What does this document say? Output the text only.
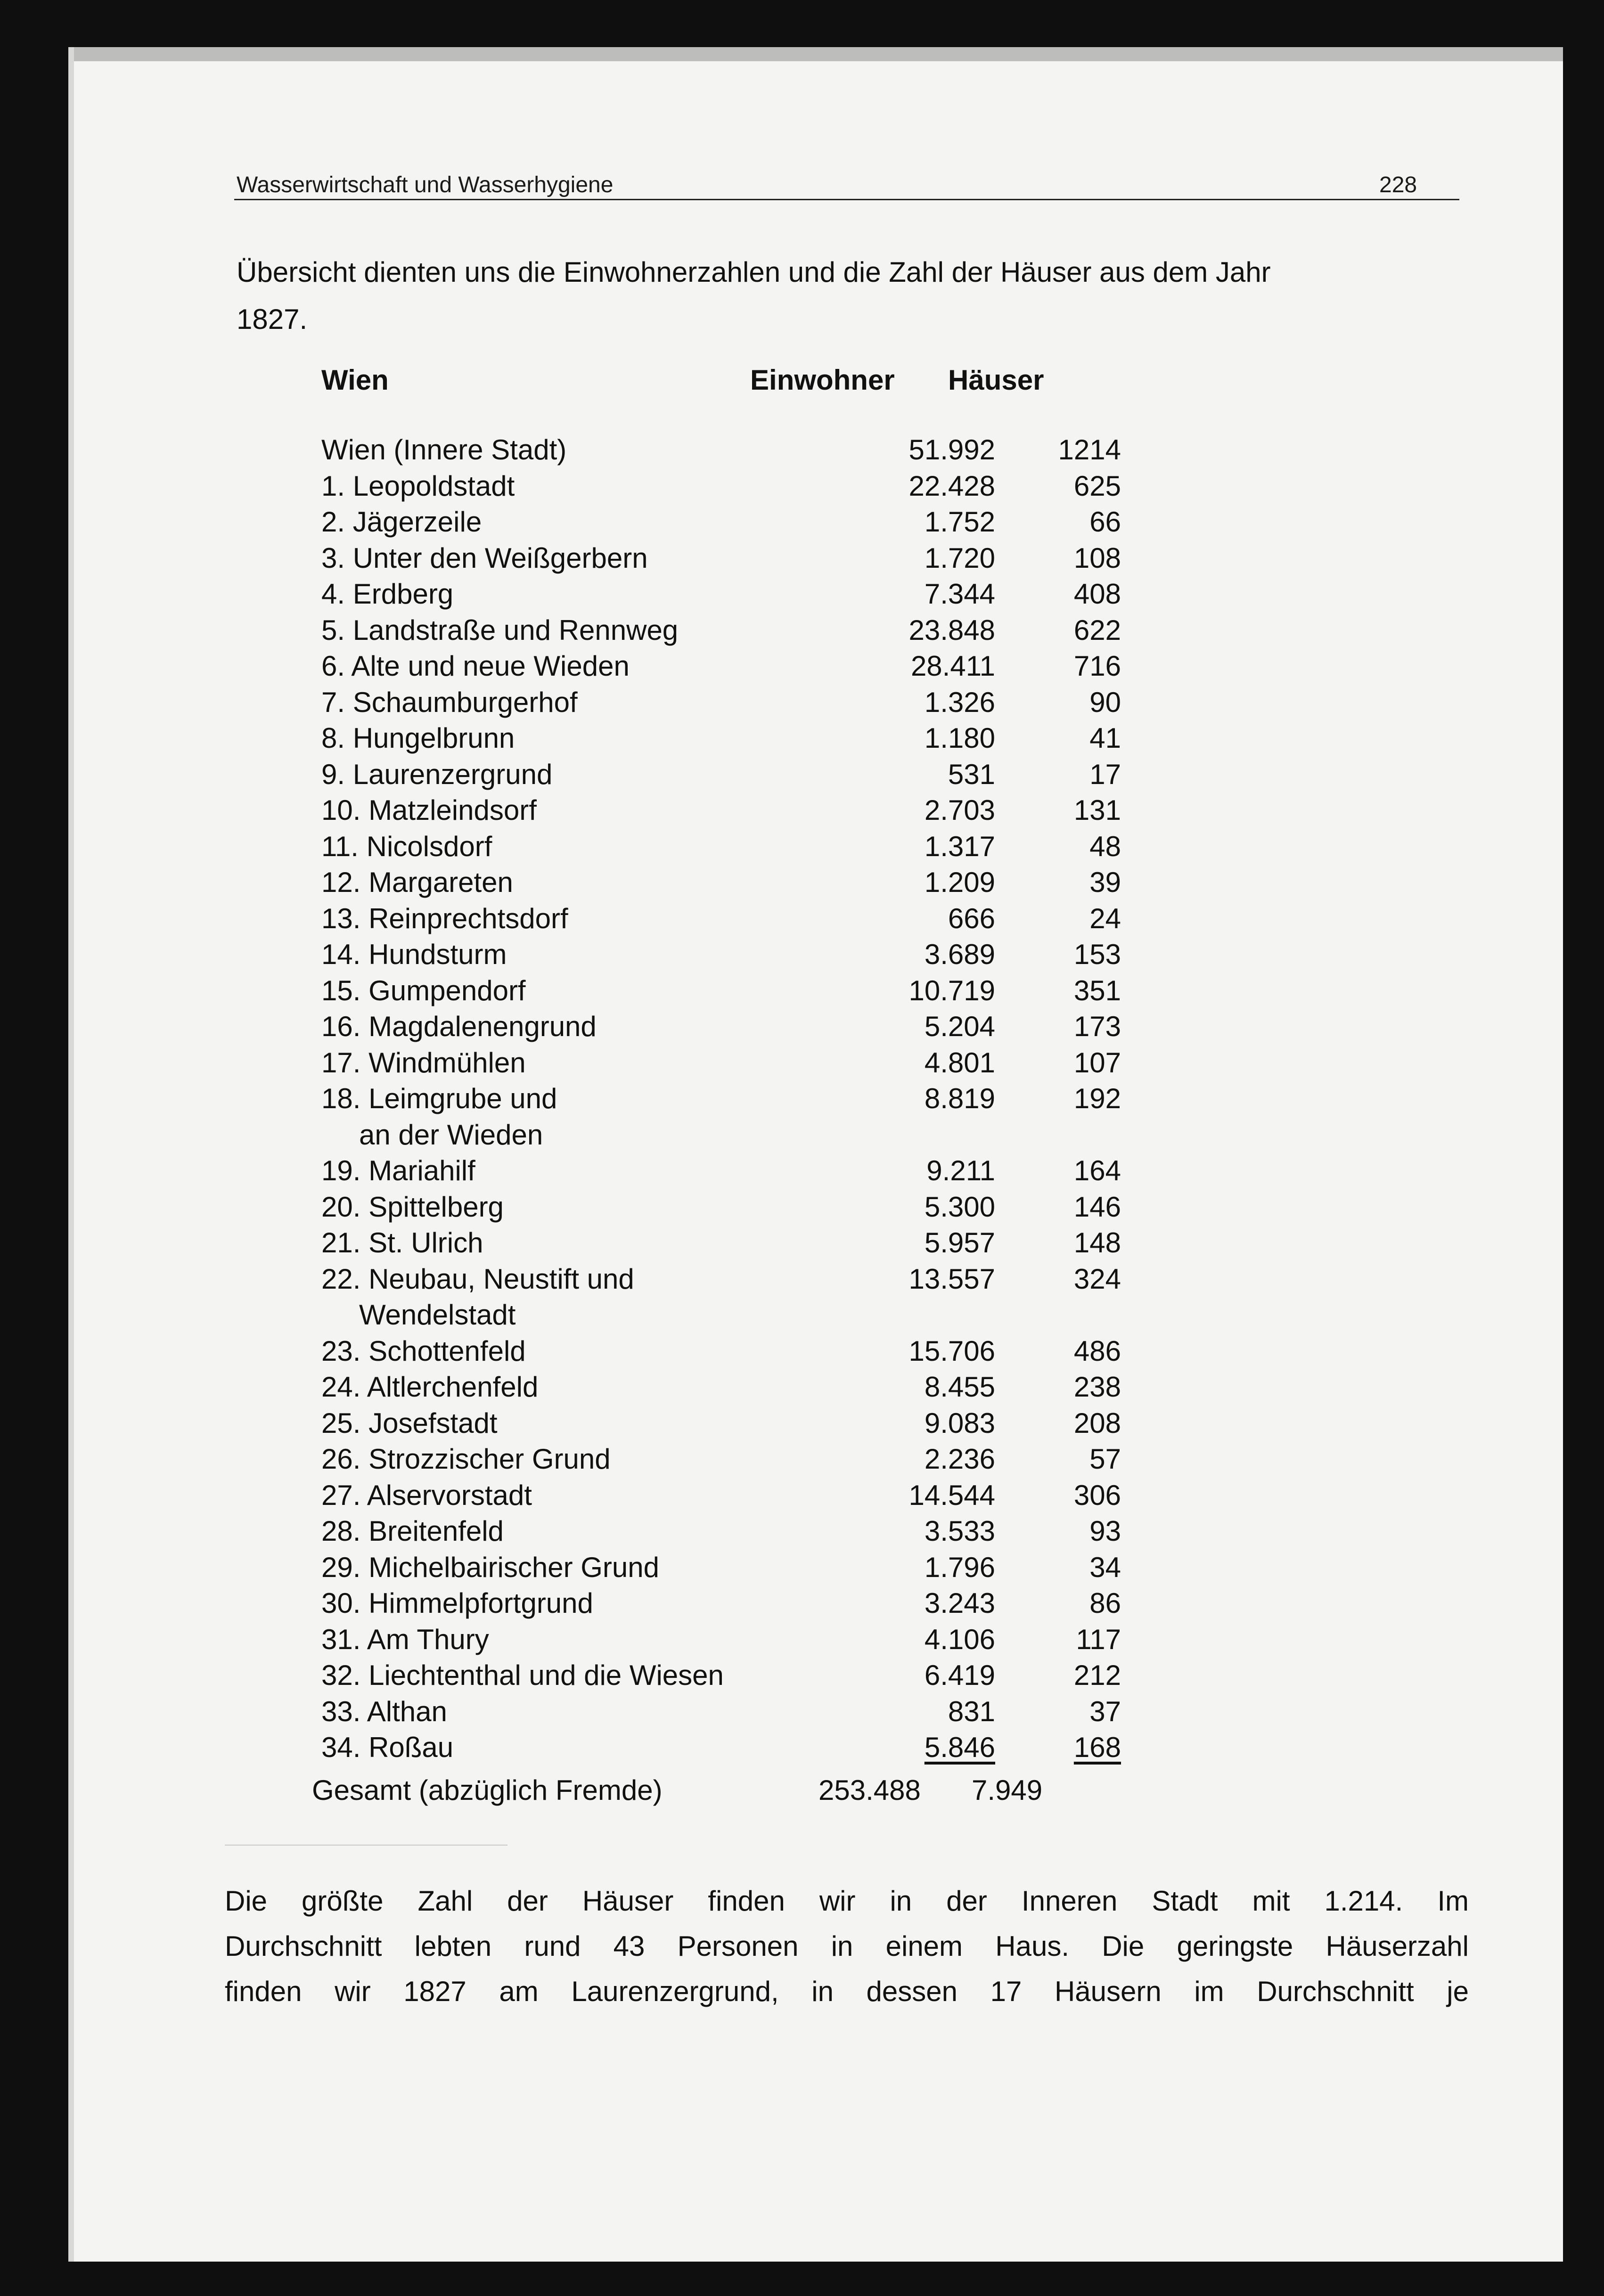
Wasserwirtschaft und Wasserhygiene	228
Übersicht dienten uns die Einwohnerzahlen und die Zahl der Häuser aus dem Jahr
1827.
Wien	Einwohner Häuser
Wien (Innere Stadt)	51.992	1214
1. Leopoldstadt	22.428	625
2. Jägerzeile	1.752	66
3. Unter den Weißgerbern	1.720	108
4. Erdberg	7.344	408
5. Landstraße und Rennweg	23.848	622
6. Alte und neue Wieden	28.411	716
7. Schaumburgerhof	1.326	90
8. Hungelbrunn	1.180	41
9. Laurenzergrund	531	17
10. Matzleindsorf	2.703	131
11. Nicolsdorf	1.317	48
12. Margareten	1.209	39
13. Reinprechtsdorf	666	24
14. Hundsturm	3.689	153
15. Gumpendorf	10.719	351
16. Magdalenengrund	5.204	173
17. Windmühlen	4.801	107
18. Leimgrube und	8.819	192
an der Wieden
19. Mariahilf	9.211	164
20. Spittelberg	5.300	146
21. St. Ulrich	5.957	148
22. Neubau, Neustift und	13.557	324
Wendelstadt
23. Schottenfeld	15.706	486
24. Altlerchenfeld	8.455	238
25. Josefstadt	9.083	208
26. Strozzischer Grund	2.236	57
27. Alservorstadt	14.544	306
28. Breitenfeld	3.533	93
29. Michelbairischer Grund	1.796	34
30. Himmelpfortgrund	3.243	86
31. Am Thury	4.106	117
32. Liechtenthal und die Wiesen	6.419	212
33. Althan	831	37
34. Roßau	5.846	168
Gesamt (abzüglich Fremde)	253.488	7.949
Die größte Zahl der Häuser finden wir in der Inneren Stadt mit 1.214. Im
Durchschnitt lebten rund 43 Personen in einem Haus. Die geringste Häuserzahl
finden wir 1827 am Laurenzergrund, in dessen 17 Häusern im Durchschnitt je
